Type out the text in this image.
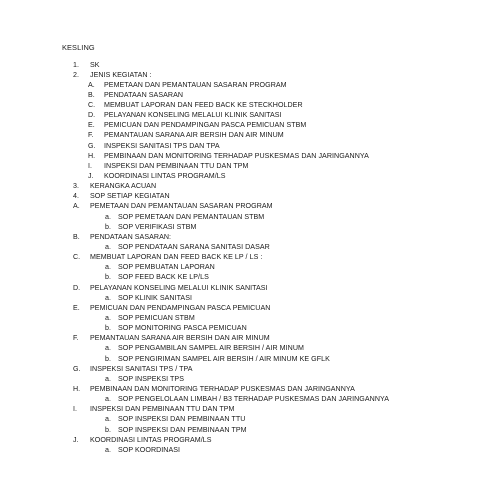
KESLING
1. SK
2. JENIS KEGIATAN :
A. PEMETAAN DAN PEMANTAUAN SASARAN PROGRAM
B. PENDATAAN SASARAN
C. MEMBUAT LAPORAN DAN FEED BACK KE STECKHOLDER
D. PELAYANAN KONSELING MELALUI KLINIK SANITASI
E. PEMICUAN DAN PENDAMPINGAN PASCA PEMICUAN STBM
F. PEMANTAUAN SARANA AIR BERSIH DAN AIR MINUM
G. INSPEKSI SANITASI TPS DAN TPA
H. PEMBINAAN DAN MONITORING TERHADAP PUSKESMAS DAN JARINGANNYA
I. INSPEKSI DAN PEMBINAAN TTU DAN TPM
J. KOORDINASI LINTAS PROGRAM/LS
3. KERANGKA ACUAN
4. SOP SETIAP KEGIATAN
A. PEMETAAN DAN PEMANTAUAN SASARAN PROGRAM
a. SOP PEMETAAN DAN PEMANTAUAN STBM
b. SOP VERIFIKASI STBM
B. PENDATAAN SASARAN:
a. SOP PENDATAAN SARANA SANITASI DASAR
C. MEMBUAT LAPORAN DAN FEED BACK KE LP / LS :
a. SOP PEMBUATAN LAPORAN
b. SOP FEED BACK KE LP/LS
D. PELAYANAN KONSELING MELALUI KLINIK SANITASI
a. SOP KLINIK SANITASI
E. PEMICUAN DAN PENDAMPINGAN PASCA PEMICUAN
a. SOP PEMICUAN STBM
b. SOP MONITORING PASCA PEMICUAN
F. PEMANTAUAN SARANA AIR BERSIH DAN AIR MINUM
a. SOP PENGAMBILAN SAMPEL AIR BERSIH / AIR MINUM
b. SOP PENGIRIMAN SAMPEL AIR BERSIH / AIR MINUM KE GFLK
G. INSPEKSI SANITASI TPS / TPA
a. SOP INSPEKSI TPS
H. PEMBINAAN DAN MONITORING TERHADAP PUSKESMAS DAN JARINGANNYA
a. SOP PENGELOLAAN LIMBAH / B3 TERHADAP PUSKESMAS DAN JARINGANNYA
I. INSPEKSI DAN PEMBINAAN TTU DAN TPM
a. SOP INSPEKSI DAN PEMBINAAN TTU
b. SOP INSPEKSI DAN PEMBINAAN TPM
J. KOORDINASI LINTAS PROGRAM/LS
a. SOP KOORDINASI
